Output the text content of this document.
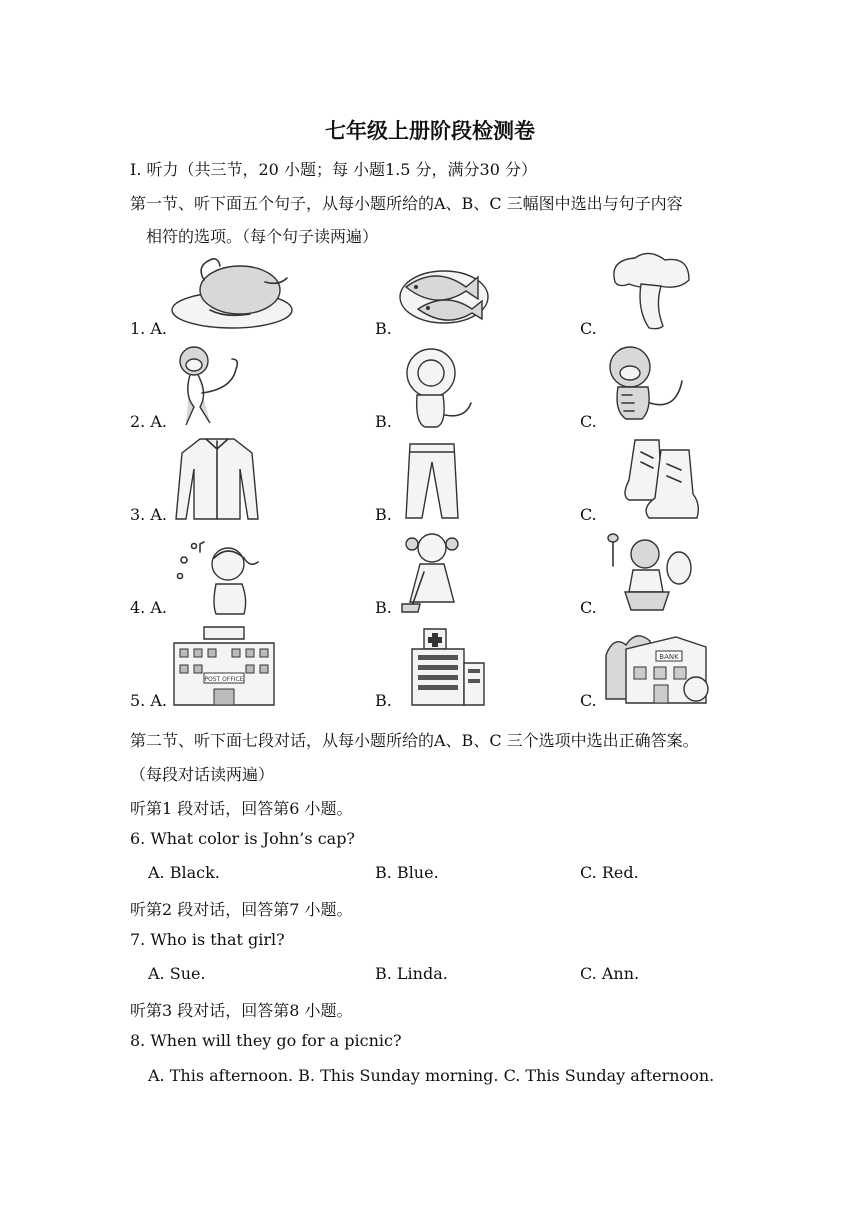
七年级上册阶段检测卷
I. 听力（共三节，20 小题；每 小题1.5 分，满分30 分）
第一节、听下面五个句子，从每小题所给的A、B、C 三幅图中选出与句子内容
相符的选项。（每个句子读两遍）
1. A.	B.	C.
2. A.	B.	C.
3. A.	B.	C.
4. A.	B.	C.
5. A.	B.	C.
POST OFFICE
BANK
第二节、听下面七段对话，从每小题所给的A、B、C 三个选项中选出正确答案。
（每段对话读两遍）
听第1 段对话，回答第6 小题。
6. What color is John’s cap?
A. Black.	B. Blue.	C. Red.
听第2 段对话，回答第7 小题。
7. Who is that girl?
A. Sue.	B. Linda.	C. Ann.
听第3 段对话，回答第8 小题。
8. When will they go for a picnic?
A. This afternoon. B. This Sunday morning. C. This Sunday afternoon.
